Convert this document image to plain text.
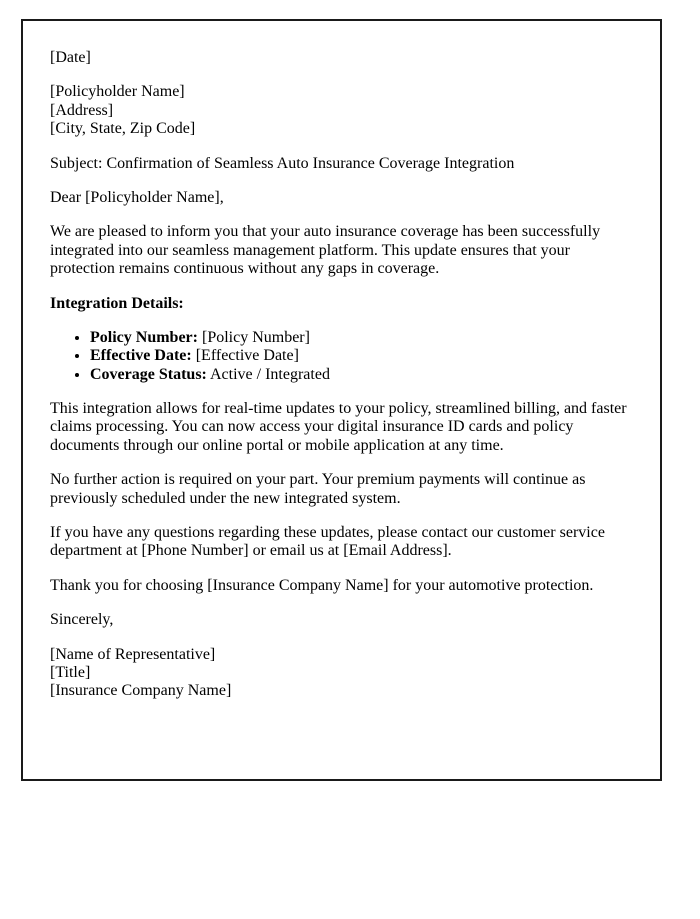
[Date]

[Policyholder Name]
[Address]
[City, State, Zip Code]

Subject: Confirmation of Seamless Auto Insurance Coverage Integration

Dear [Policyholder Name],

We are pleased to inform you that your auto insurance coverage has been successfully integrated into our seamless management platform. This update ensures that your protection remains continuous without any gaps in coverage.

Integration Details:

• Policy Number: [Policy Number]
• Effective Date: [Effective Date]
• Coverage Status: Active / Integrated

This integration allows for real-time updates to your policy, streamlined billing, and faster claims processing. You can now access your digital insurance ID cards and policy documents through our online portal or mobile application at any time.

No further action is required on your part. Your premium payments will continue as previously scheduled under the new integrated system.

If you have any questions regarding these updates, please contact our customer service department at [Phone Number] or email us at [Email Address].

Thank you for choosing [Insurance Company Name] for your automotive protection.

Sincerely,

[Name of Representative]
[Title]
[Insurance Company Name]
